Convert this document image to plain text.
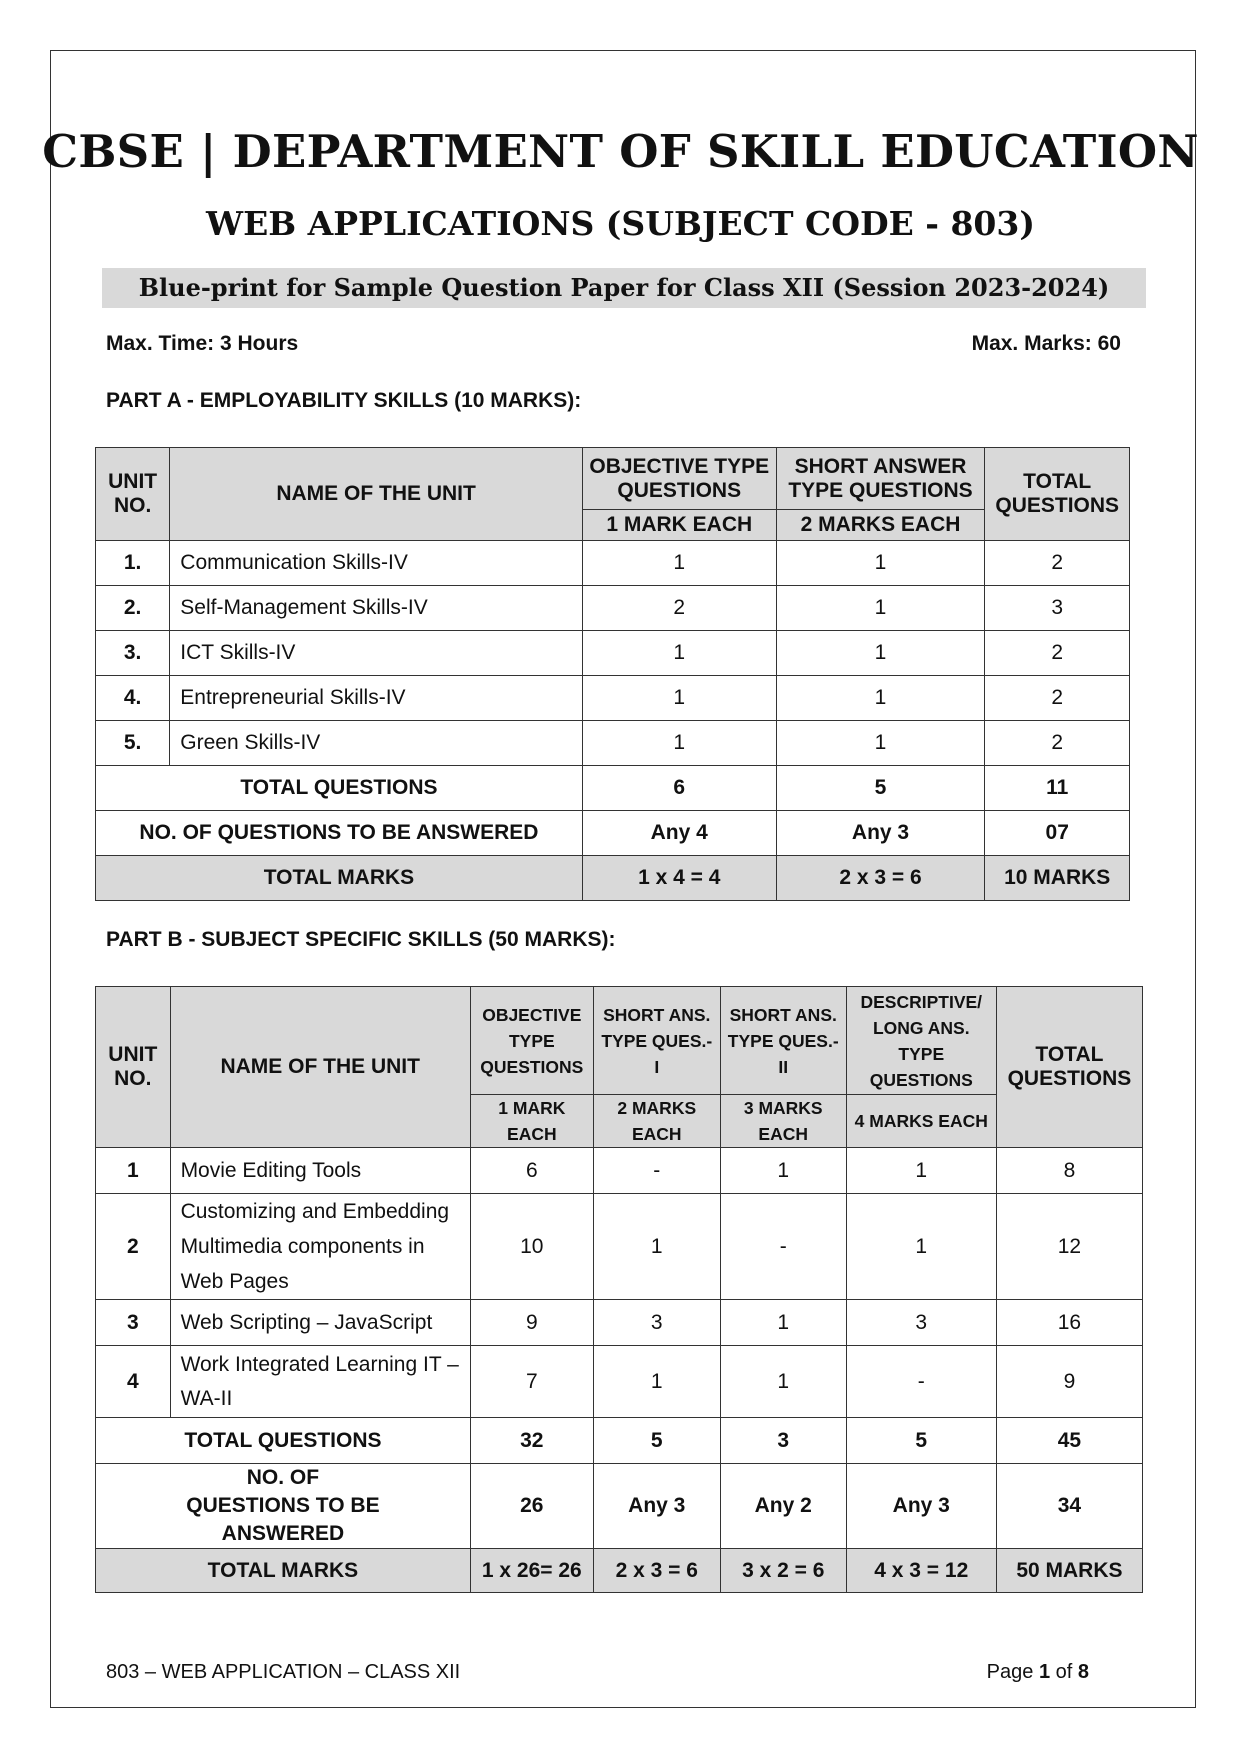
CBSE | DEPARTMENT OF SKILL EDUCATION
WEB APPLICATIONS (SUBJECT CODE - 803)
Blue-print for Sample Question Paper for Class XII (Session 2023-2024)
Max. Time: 3 Hours	Max. Marks: 60
PART A - EMPLOYABILITY SKILLS (10 MARKS):
UNIT NO.	NAME OF THE UNIT	OBJECTIVE TYPE QUESTIONS	SHORT ANSWER TYPE QUESTIONS	TOTAL QUESTIONS
		1 MARK EACH	2 MARKS EACH	
1.	Communication Skills-IV	1	1	2
2.	Self-Management Skills-IV	2	1	3
3.	ICT Skills-IV	1	1	2
4.	Entrepreneurial Skills-IV	1	1	2
5.	Green Skills-IV	1	1	2
TOTAL QUESTIONS		6	5	11
NO. OF QUESTIONS TO BE ANSWERED		Any 4	Any 3	07
TOTAL MARKS		1 x 4 = 4	2 x 3 = 6	10 MARKS
PART B - SUBJECT SPECIFIC SKILLS (50 MARKS):
UNIT NO.	NAME OF THE UNIT	OBJECTIVE TYPE QUESTIONS	SHORT ANS. TYPE QUES.- I	SHORT ANS. TYPE QUES.- II	DESCRIPTIVE/ LONG ANS. TYPE QUESTIONS	TOTAL QUESTIONS
		1 MARK EACH	2 MARKS EACH	3 MARKS EACH	4 MARKS EACH	
1	Movie Editing Tools	6	-	1	1	8
2	Customizing and Embedding Multimedia components in Web Pages	10	1	-	1	12
3	Web Scripting – JavaScript	9	3	1	3	16
4	Work Integrated Learning IT – WA-II	7	1	1	-	9
TOTAL QUESTIONS		32	5	3	5	45
NO. OF QUESTIONS TO BE ANSWERED		26	Any 3	Any 2	Any 3	34
TOTAL MARKS		1 x 26= 26	2 x 3 = 6	3 x 2 = 6	4 x 3 = 12	50 MARKS
803 – WEB APPLICATION – CLASS XII	Page 1 of 8
